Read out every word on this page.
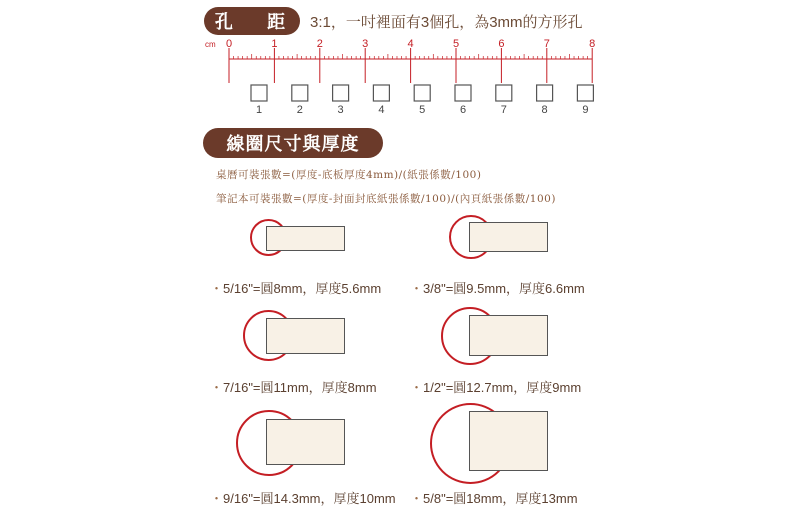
孔 距 3:1，一吋裡面有3個孔，為3mm的方形孔
cm 0	1	2	3	4	5	6	7	8
1	2	3	4	5	6	7	8	9
線圈尺寸與厚度
桌曆可裝張數=(厚度-底板厚度4mm)/(紙張係數/100)
筆記本可裝張數=(厚度-封面封底紙張係數/100)/(內頁紙張係數/100)
・5/16"=圓8mm，厚度5.6mm ・3/8"=圓9.5mm，厚度6.6mm
・7/16"=圓11mm，厚度8mm	・1/2"=圓12.7mm，厚度9mm
・9/16"=圓14.3mm，厚度10mm ・5/8"=圓18mm，厚度13mm
